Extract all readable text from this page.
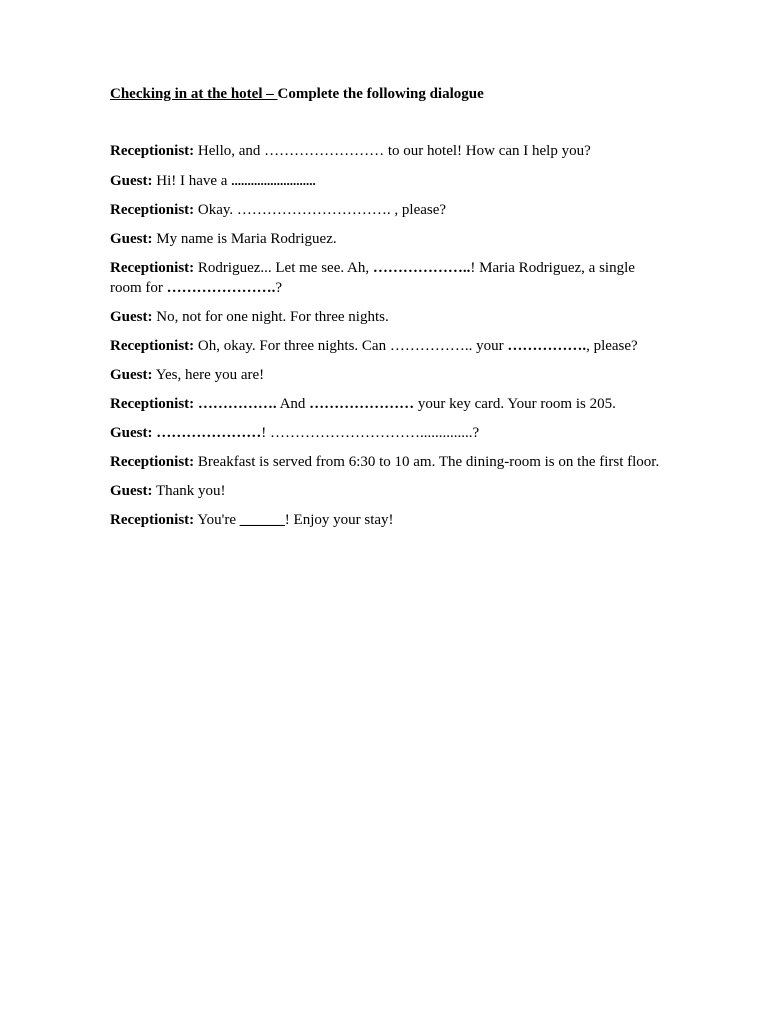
Checking in at the hotel – Complete the following dialogue

Receptionist: Hello, and …………………… to our hotel! How can I help you?

Guest: Hi! I have a ..........................

Receptionist: Okay. …………………………. , please?

Guest: My name is Maria Rodriguez.

Receptionist: Rodriguez... Let me see. Ah, ………………..! Maria Rodriguez, a single room for ………………….?

Guest: No, not for one night. For three nights.

Receptionist: Oh, okay. For three nights. Can …………….. your ……………., please?

Guest: Yes, here you are!

Receptionist: ……………. And ………………… your key card. Your room is 205.

Guest: …………………! …………………………..............?

Receptionist: Breakfast is served from 6:30 to 10 am. The dining-room is on the first floor.

Guest: Thank you!

Receptionist: You're ______! Enjoy your stay!
